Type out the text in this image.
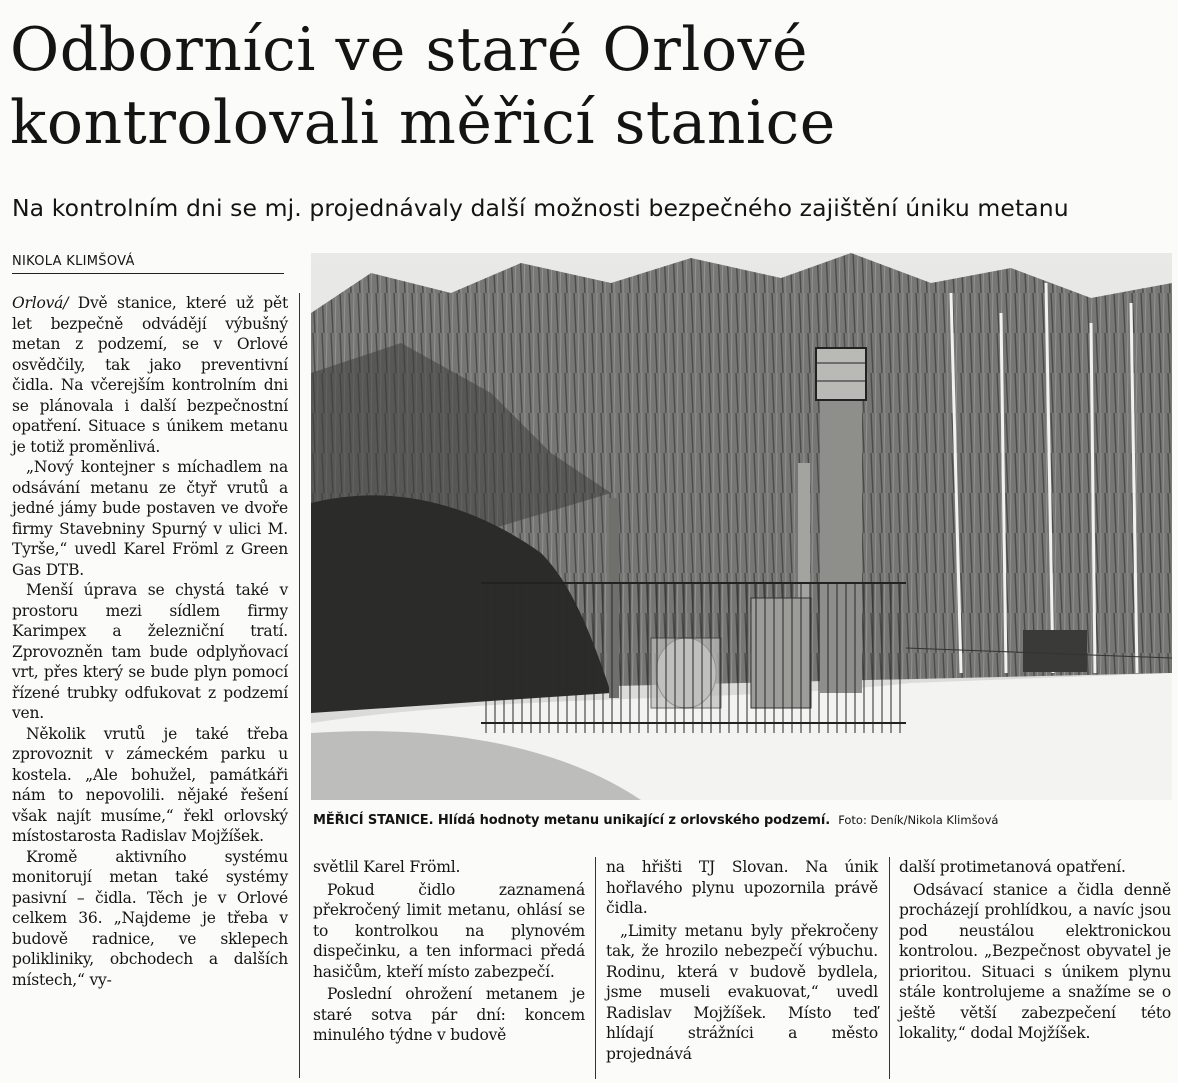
Odborníci ve staré Orlové
kontrolovali měřicí stanice
Na kontrolním dni se mj. projednávaly další možnosti bezpečného zajištění úniku metanu
NIKOLA KLIMŠOVÁ

Orlová/ Dvě stanice, které už pět let bezpečně odvádějí výbušný metan z podzemí, se v Orlové osvědčily, tak jako preventivní čidla. Na včerejším kontrolním dni se plánovala i další bezpečnostní opatření. Situace s únikem metanu je totiž proměnlivá.

„Nový kontejner s míchadlem na odsávání metanu ze čtyř vrutů a jedné jámy bude postaven ve dvoře firmy Stavebniny Spurný v ulici M. Tyrše,“ uvedl Karel Fröml z Green Gas DTB.

Menší úprava se chystá také v prostoru mezi sídlem firmy Karimpex a železniční tratí. Zprovozněn tam bude odplyňovací vrt, přes který se bude plyn pomocí řízené trubky odfukovat z podzemí ven.

Několik vrutů je také třeba zprovoznit v zámeckém parku u kostela. „Ale bohužel, památkáři nám to nepovolili. nějaké řešení však najít musíme,“ řekl orlovský místostarosta Radislav Mojžíšek.

Kromě aktivního systému monitorují metan také systémy pasivní – čidla. Těch je v Orlové celkem 36. „Najdeme je třeba v budově radnice, ve sklepech polikliniky, obchodech a dalších místech,“ vy-

MĚŘICÍ STANICE. Hlídá hodnoty metanu unikající z orlovského podzemí. Foto: Deník/Nikola Klimšová

světlil Karel Fröml.

Pokud čidlo zaznamená překročený limit metanu, ohlásí se to kontrolkou na plynovém dispečinku, a ten informaci předá hasičům, kteří místo zabezpečí.

Poslední ohrožení metanem je staré sotva pár dní: koncem minulého týdne v budově

na hřišti TJ Slovan. Na únik hořlavého plynu upozornila právě čidla.

„Limity metanu byly překročeny tak, že hrozilo nebezpečí výbuchu. Rodinu, která v budově bydlela, jsme museli evakuovat,“ uvedl Radislav Mojžíšek. Místo teď hlídají strážníci a město projednává

další protimetanová opatření.

Odsávací stanice a čidla denně procházejí prohlídkou, a navíc jsou pod neustálou elektronickou kontrolou. „Bezpečnost obyvatel je prioritou. Situaci s únikem plynu stále kontrolujeme a snažíme se o ještě větší zabezpečení této lokality,“ dodal Mojžíšek.
